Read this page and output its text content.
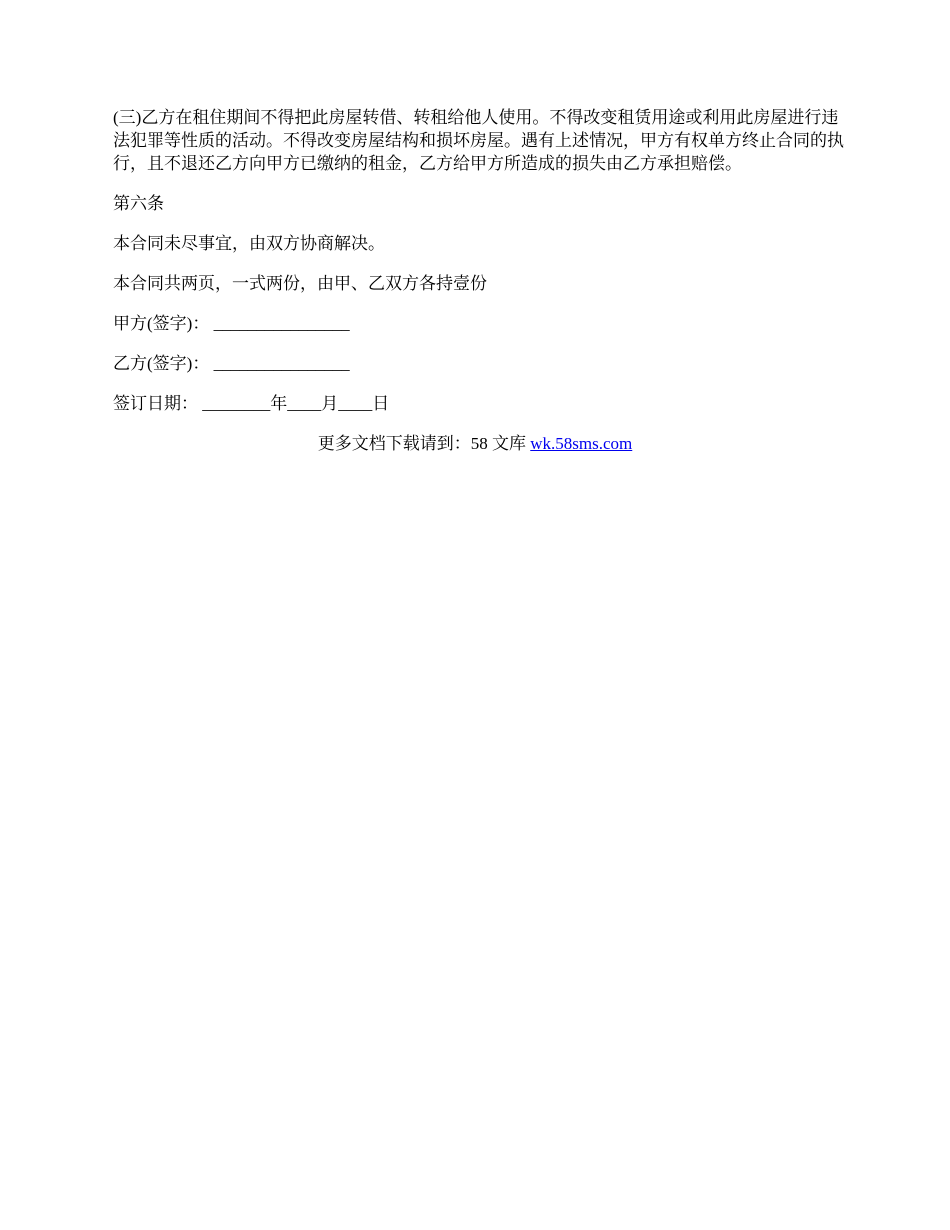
(三)乙方在租住期间不得把此房屋转借、转租给他人使用。不得改变租赁用途或利用此房屋进行违法犯罪等性质的活动。不得改变房屋结构和损坏房屋。遇有上述情况，甲方有权单方终止合同的执行，且不退还乙方向甲方已缴纳的租金，乙方给甲方所造成的损失由乙方承担赔偿。

第六条

本合同未尽事宜，由双方协商解决。

本合同共两页，一式两份，由甲、乙双方各持壹份

甲方(签字)： ________________

乙方(签字)： ________________

签订日期： ________年____月____日

更多文档下载请到：58 文库 wk.58sms.com
